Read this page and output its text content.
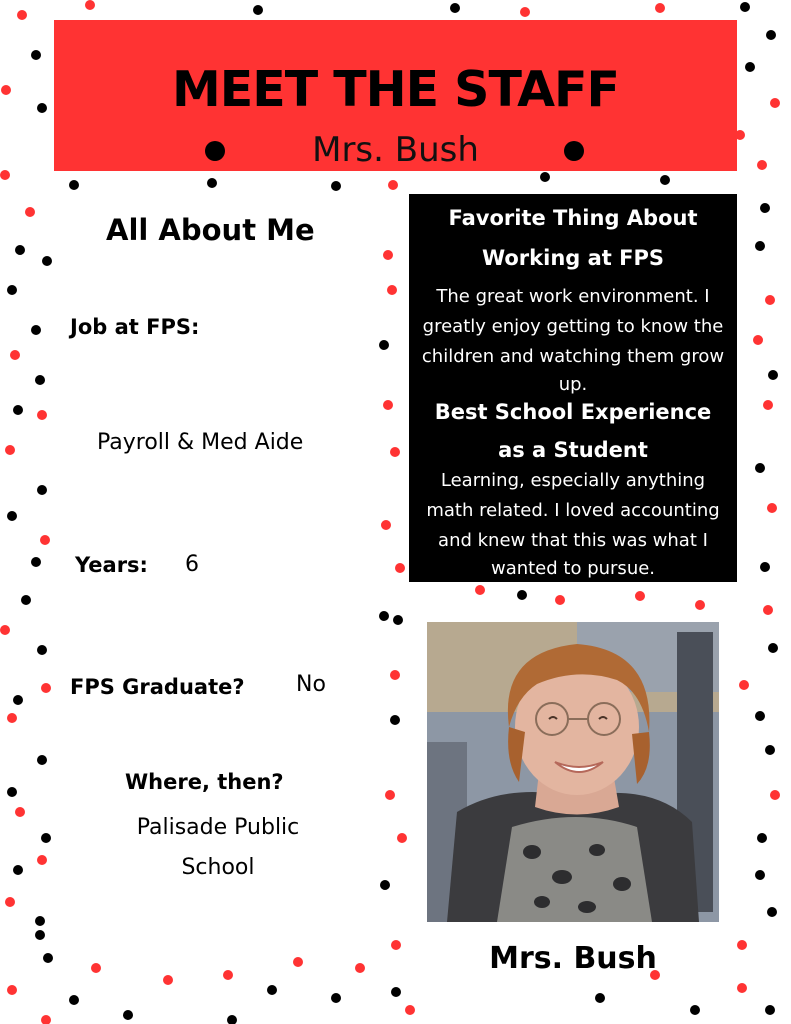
MEET THE STAFF
Mrs. Bush
All About Me
Job at FPS:
Payroll & Med Aide
Years: 6
FPS Graduate? No
Where, then?
Palisade Public
School
Favorite Thing About
Working at FPS
The great work environment. I
greatly enjoy getting to know the
children and watching them grow
up.
Best School Experience
as a Student
Learning, especially anything
math related. I loved accounting
and knew that this was what I
wanted to pursue.
Mrs. Bush
